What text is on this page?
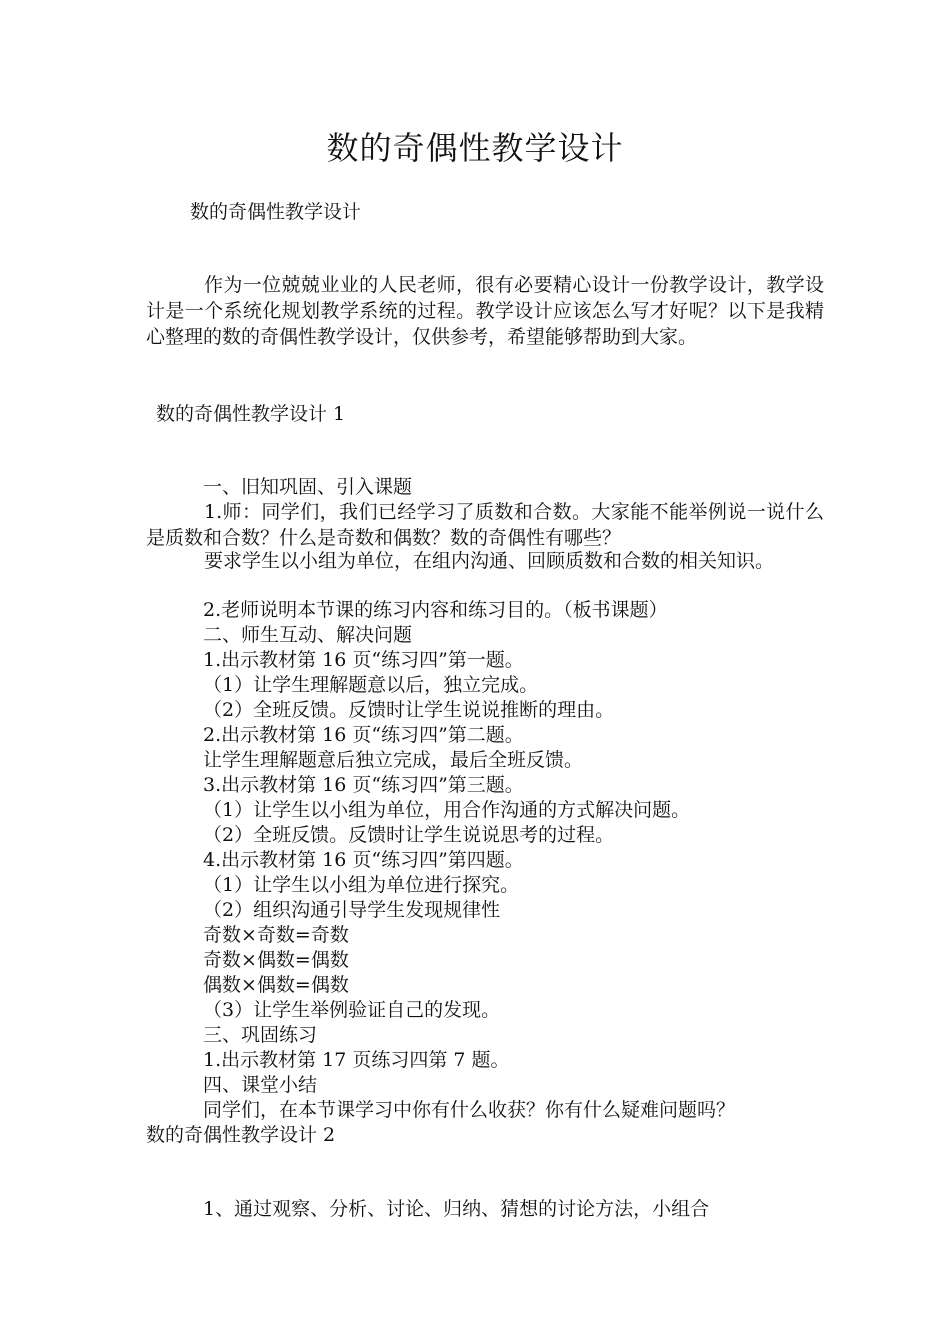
数的奇偶性教学设计
数的奇偶性教学设计
作为一位兢兢业业的人民老师，很有必要精心设计一份教学设计，教学设计是一个系统化规划教学系统的过程。教学设计应该怎么写才好呢？以下是我精心整理的数的奇偶性教学设计，仅供参考，希望能够帮助到大家。
数的奇偶性教学设计 1
一、旧知巩固、引入课题
1.师：同学们，我们已经学习了质数和合数。大家能不能举例说一说什么是质数和合数？什么是奇数和偶数？数的奇偶性有哪些？
要求学生以小组为单位，在组内沟通、回顾质数和合数的相关知识。
2.老师说明本节课的练习内容和练习目的。（板书课题）
二、师生互动、解决问题
1.出示教材第 16 页“练习四”第一题。
（1）让学生理解题意以后，独立完成。
（2）全班反馈。反馈时让学生说说推断的理由。
2.出示教材第 16 页“练习四”第二题。
让学生理解题意后独立完成，最后全班反馈。
3.出示教材第 16 页“练习四”第三题。
（1）让学生以小组为单位，用合作沟通的方式解决问题。
（2）全班反馈。反馈时让学生说说思考的过程。
4.出示教材第 16 页“练习四”第四题。
（1）让学生以小组为单位进行探究。
（2）组织沟通引导学生发现规律性
奇数×奇数=奇数
奇数×偶数=偶数
偶数×偶数=偶数
（3）让学生举例验证自己的发现。
三、巩固练习
1.出示教材第 17 页练习四第 7 题。
四、课堂小结
同学们，在本节课学习中你有什么收获？你有什么疑难问题吗？
数的奇偶性教学设计 2
1、通过观察、分析、讨论、归纳、猜想的讨论方法，小组合
